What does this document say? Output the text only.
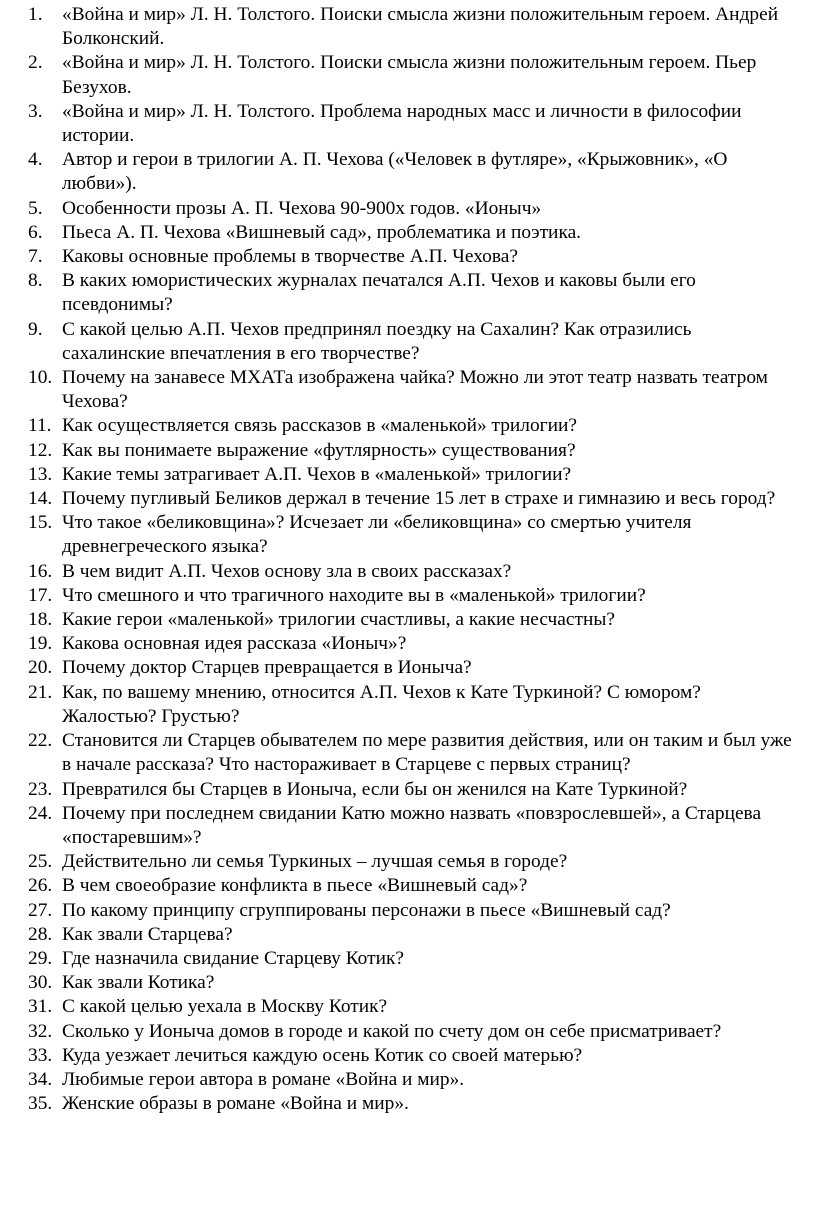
1.	«Война и мир» Л. Н. Толстого. Поиски смысла жизни положительным героем. Андрей Болконский.
2.	«Война и мир» Л. Н. Толстого. Поиски смысла жизни положительным героем. Пьер Безухов.
3.	«Война и мир» Л. Н. Толстого. Проблема народных масс и личности в философии истории.
4.	Автор и герои в трилогии А. П. Чехова («Человек в футляре», «Крыжовник», «О любви»).
5.	Особенности прозы А. П. Чехова 90-900х годов. «Ионыч»
6.	Пьеса А. П. Чехова «Вишневый сад», проблематика и поэтика.
7.	Каковы основные проблемы в творчестве А.П. Чехова?
8.	В каких юмористических журналах печатался А.П. Чехов и каковы были его псевдонимы?
9.	С какой целью А.П. Чехов предпринял поездку на Сахалин? Как отразились сахалинские впечатления в его творчестве?
10. Почему на занавесе МХАТа изображена чайка? Можно ли этот театр назвать театром Чехова?
11. Как осуществляется связь рассказов в «маленькой» трилогии?
12. Как вы понимаете выражение «футлярность» существования?
13. Какие темы затрагивает А.П. Чехов в «маленькой» трилогии?
14. Почему пугливый Беликов держал в течение 15 лет в страхе и гимназию и весь город?
15. Что такое «беликовщина»? Исчезает ли «беликовщина» со смертью учителя древнегреческого языка?
16. В чем видит А.П. Чехов основу зла в своих рассказах?
17. Что смешного и что трагичного находите вы в «маленькой» трилогии?
18. Какие герои «маленькой» трилогии счастливы, а какие несчастны?
19. Какова основная идея рассказа «Ионыч»?
20. Почему доктор Старцев превращается в Ионыча?
21. Как, по вашему мнению, относится А.П. Чехов к Кате Туркиной? С юмором? Жалостью? Грустью?
22. Становится ли Старцев обывателем по мере развития действия, или он таким и был уже в начале рассказа? Что настораживает в Старцеве с первых страниц?
23. Превратился бы Старцев в Ионыча, если бы он женился на Кате Туркиной?
24. Почему при последнем свидании Катю можно назвать «повзрослевшей», а Старцева «постаревшим»?
25. Действительно ли семья Туркиных – лучшая семья в городе?
26. В чем своеобразие конфликта в пьесе «Вишневый сад»?
27. По какому принципу сгруппированы персонажи в пьесе «Вишневый сад?
28. Как звали Старцева?
29. Где назначила свидание Старцеву Котик?
30. Как звали Котика?
31. С какой целью уехала в Москву Котик?
32. Сколько у Ионыча домов в городе и какой по счету дом он себе присматривает?
33. Куда уезжает лечиться каждую осень Котик со своей матерью?
34. Любимые герои автора в романе «Война и мир».
35. Женские образы в романе «Война и мир».
